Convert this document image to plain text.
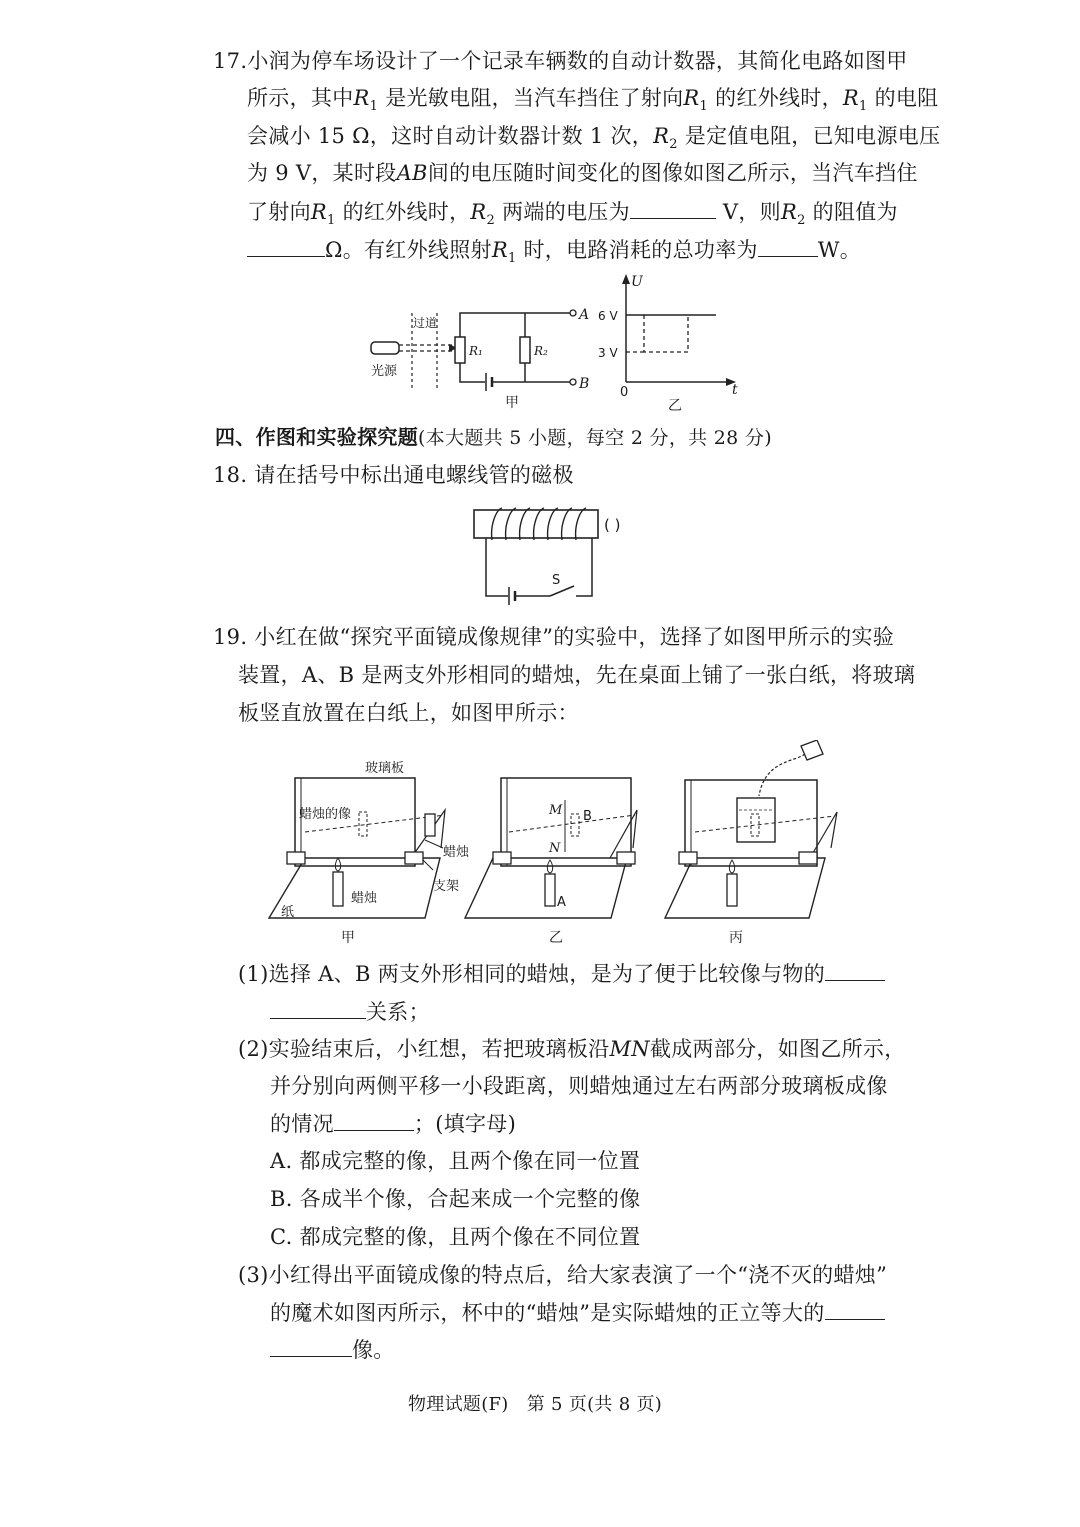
17.小润为停车场设计了一个记录车辆数的自动计数器，其简化电路如图甲
所示，其中$R_1$ 是光敏电阻，当汽车挡住了射向$R_1$ 的红外线时，$R_1$ 的电阻
会减小 15 Ω，这时自动计数器计数 1 次，$R_2$ 是定值电阻，已知电源电压
为 9 V，某时段AB间的电压随时间变化的图像如图乙所示，当汽车挡住
了射向$R_1$ 的红外线时，$R_2$ 两端的电压为	V，则$R_2$ 的阻值为
Ω。有红外线照射$R_1$ 时，电路消耗的总功率为	W。
过道
光源
R₁	R₂
A
B
甲
U
t
0
6 V
3 V
乙
四、作图和实验探究题(本大题共 5 小题，每空 2 分，共 28 分)
18. 请在括号中标出通电螺线管的磁极
( )
S
19. 小红在做“探究平面镜成像规律”的实验中，选择了如图甲所示的实验
装置，A、B 是两支外形相同的蜡烛，先在桌面上铺了一张白纸，将玻璃
板竖直放置在白纸上，如图甲所示：
玻璃板
蜡烛的像
蜡烛
蜡烛
支架
纸
甲
M
N
B
A
乙	丙
(1)选择 A、B 两支外形相同的蜡烛，是为了便于比较像与物的
关系；
(2)实验结束后，小红想，若把玻璃板沿MN截成两部分，如图乙所示，
并分别向两侧平移一小段距离，则蜡烛通过左右两部分玻璃板成像
的情况	；(填字母)
A. 都成完整的像，且两个像在同一位置
B. 各成半个像，合起来成一个完整的像
C. 都成完整的像，且两个像在不同位置
(3)小红得出平面镜成像的特点后，给大家表演了一个“浇不灭的蜡烛”
的魔术如图丙所示，杯中的“蜡烛”是实际蜡烛的正立等大的
像。
物理试题(F)   第 5 页(共 8 页)
